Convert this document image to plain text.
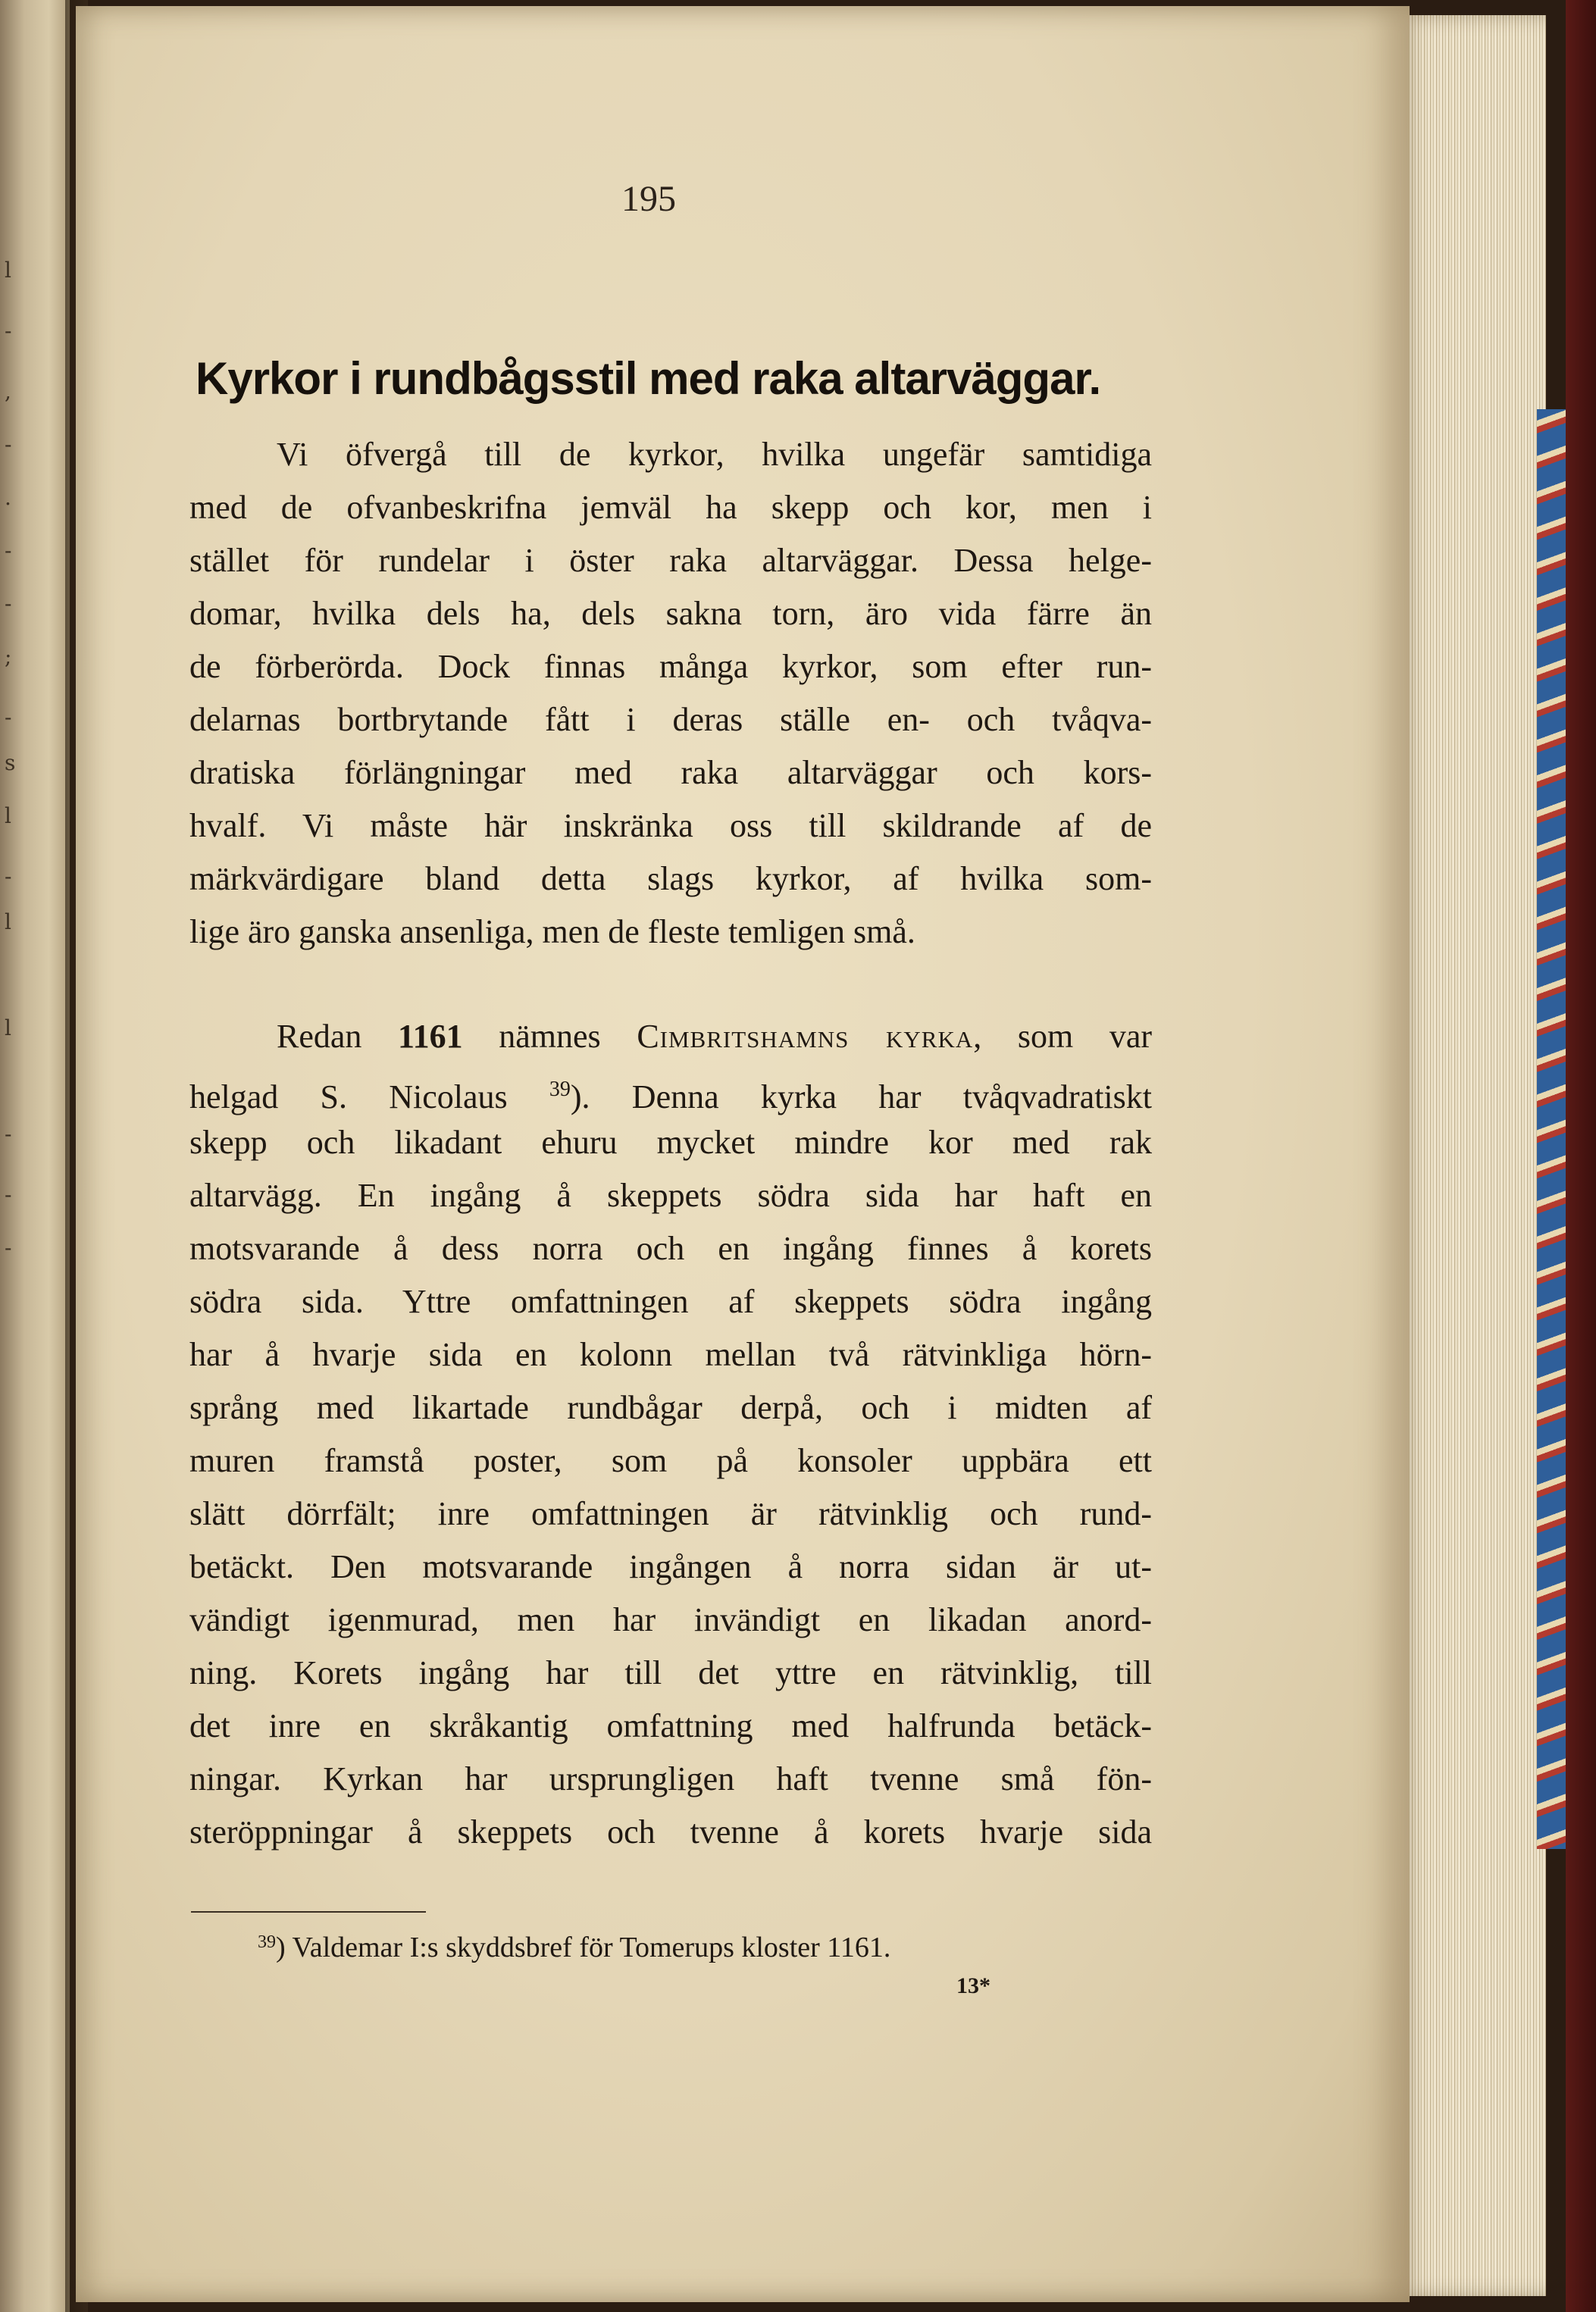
l
-
,
-
.
-
-
;
-
s
l
-
l
l
-
-
-
195
Kyrkor i rundbågsstil med raka altarväggar.
Vi öfvergå till de kyrkor, hvilka ungefär samtidiga
med de ofvanbeskrifna jemväl ha skepp och kor, men i
stället för rundelar i öster raka altarväggar. Dessa helge-
domar, hvilka dels ha, dels sakna torn, äro vida färre än
de förberörda. Dock finnas många kyrkor, som efter run-
delarnas bortbrytande fått i deras ställe en- och tvåqva-
dratiska förlängningar med raka altarväggar och kors-
hvalf. Vi måste här inskränka oss till skildrande af de
märkvärdigare bland detta slags kyrkor, af hvilka som-
lige äro ganska ansenliga, men de fleste temligen små.
Redan 1161 nämnes Cimbritshamns kyrka, som var
helgad S. Nicolaus $^{39}$). Denna kyrka har tvåqvadratiskt
skepp och likadant ehuru mycket mindre kor med rak
altarvägg. En ingång å skeppets södra sida har haft en
motsvarande å dess norra och en ingång finnes å korets
södra sida. Yttre omfattningen af skeppets södra ingång
har å hvarje sida en kolonn mellan två rätvinkliga hörn-
språng med likartade rundbågar derpå, och i midten af
muren framstå poster, som på konsoler uppbära ett
slätt dörrfält; inre omfattningen är rätvinklig och rund-
betäckt. Den motsvarande ingången å norra sidan är ut-
vändigt igenmurad, men har invändigt en likadan anord-
ning. Korets ingång har till det yttre en rätvinklig, till
det inre en skråkantig omfattning med halfrunda betäck-
ningar. Kyrkan har ursprungligen haft tvenne små fön-
steröppningar å skeppets och tvenne å korets hvarje sida
$^{39}$) Valdemar I:s skyddsbref för Tomerups kloster 1161.
13*
